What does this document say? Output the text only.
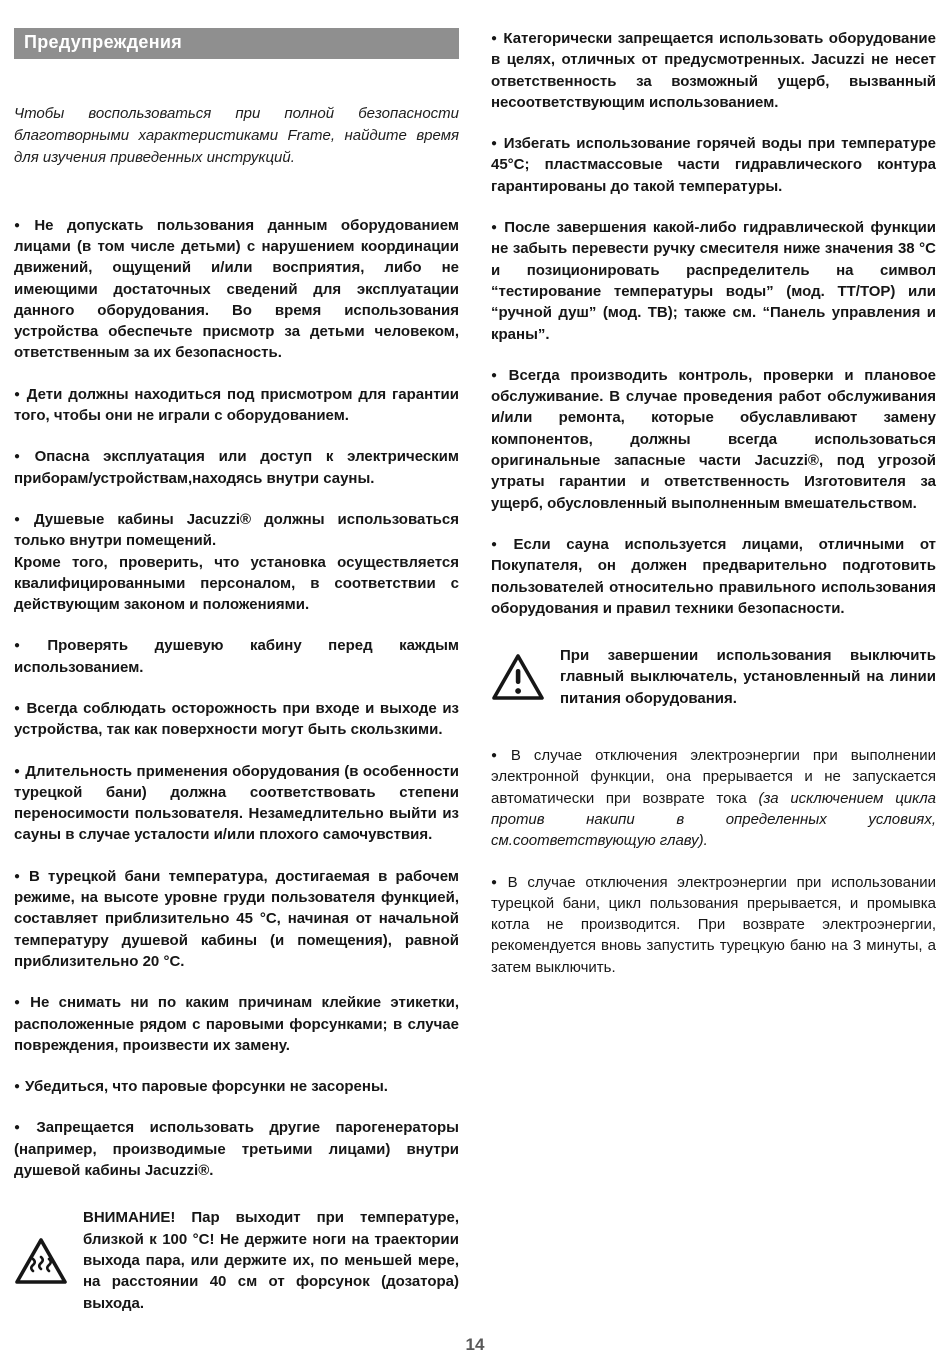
Предупреждения

Чтобы воспользоваться при полной безопасности благотворными характеристиками Frame, найдите время для изучения приведенных инструкций.

● Не допускать пользования данным оборудованием лицами (в том числе детьми) с нарушением координации движений, ощущений и/или восприятия, либо не имеющими достаточных сведений для эксплуатации данного оборудования. Во время использования устройства обеспечьте присмотр за детьми человеком, ответственным за их безопасность.

● Дети должны находиться под присмотром для гарантии того, чтобы они не играли с оборудованием.

● Опасна эксплуатация или доступ к электрическим приборам/устройствам,находясь внутри сауны.

● Душевые кабины Jacuzzi® должны использоваться только внутри помещений.

Кроме того, проверить, что установка осуществляется квалифицированными персоналом, в соответствии с действующим законом и положениями.

● Проверять душевую кабину перед каждым использованием.

● Всегда соблюдать осторожность при входе и выходе из устройства, так как поверхности могут быть скользкими.

● Длительность применения оборудования (в особенности турецкой бани) должна соответствовать степени переносимости пользователя. Незамедлительно выйти из сауны в случае усталости и/или плохого самочувствия.

● В турецкой бани температура, достигаемая в рабочем режиме, на высоте уровне груди пользователя функцией, составляет приблизительно 45 °C, начиная от начальной температуру душевой кабины (и помещения), равной приблизительно 20 °C.

● Не снимать ни по каким причинам клейкие этикетки, расположенные рядом с паровыми форсунками; в случае повреждения, произвести их замену.

● Убедиться, что паровые форсунки не засорены.

● Запрещается использовать другие парогенераторы (например, производимые третьими лицами) внутри душевой кабины Jacuzzi®.

ВНИМАНИЕ! Пар выходит при температуре, близкой к 100 °C! Не держите ноги на траектории выхода пара, или держите их, по меньшей мере, на расстоянии 40 см от форсунок (дозатора) выхода.

● Категорически запрещается использовать оборудование в целях, отличных от предусмотренных. Jacuzzi не несет ответственность за возможный ущерб, вызванный несоответствующим использованием.

● Избегать использование горячей воды при температуре 45°C; пластмассовые части гидравлического контура гарантированы до такой температуры.

● После завершения какой-либо гидравлической функции не забыть перевести ручку смесителя ниже значения 38 °C и позиционировать распределитель на символ “тестирование температуры воды” (мод. ТТ/ТОР) или “ручной душ” (мод. ТВ); также см. “Панель управления и краны”.

● Всегда производить контроль, проверки и плановое обслуживание. В случае проведения работ обслуживания и/или ремонта, которые обуславливают замену компонентов, должны всегда использоваться оригинальные запасные части Jacuzzi®, под угрозой утраты гарантии и ответственность Изготовителя за ущерб, обусловленный выполненным вмешательством.

● Если сауна используется лицами, отличными от Покупателя, он должен предварительно подготовить пользователей относительно правильного использования оборудования и правил техники безопасности.

При завершении использования выключить главный выключатель, установленный на линии питания оборудования.

● В случае отключения электроэнергии при выполнении электронной функции, она прерывается и не запускается автоматически при возврате тока (за исключением цикла против накипи в определенных условиях, см.соответствующую главу).

● В случае отключения электроэнергии при использовании турецкой бани, цикл пользования прерывается, и промывка котла не производится. При возврате электроэнергии, рекомендуется вновь запустить турецкую баню на 3 минуты, а затем выключить.

14
